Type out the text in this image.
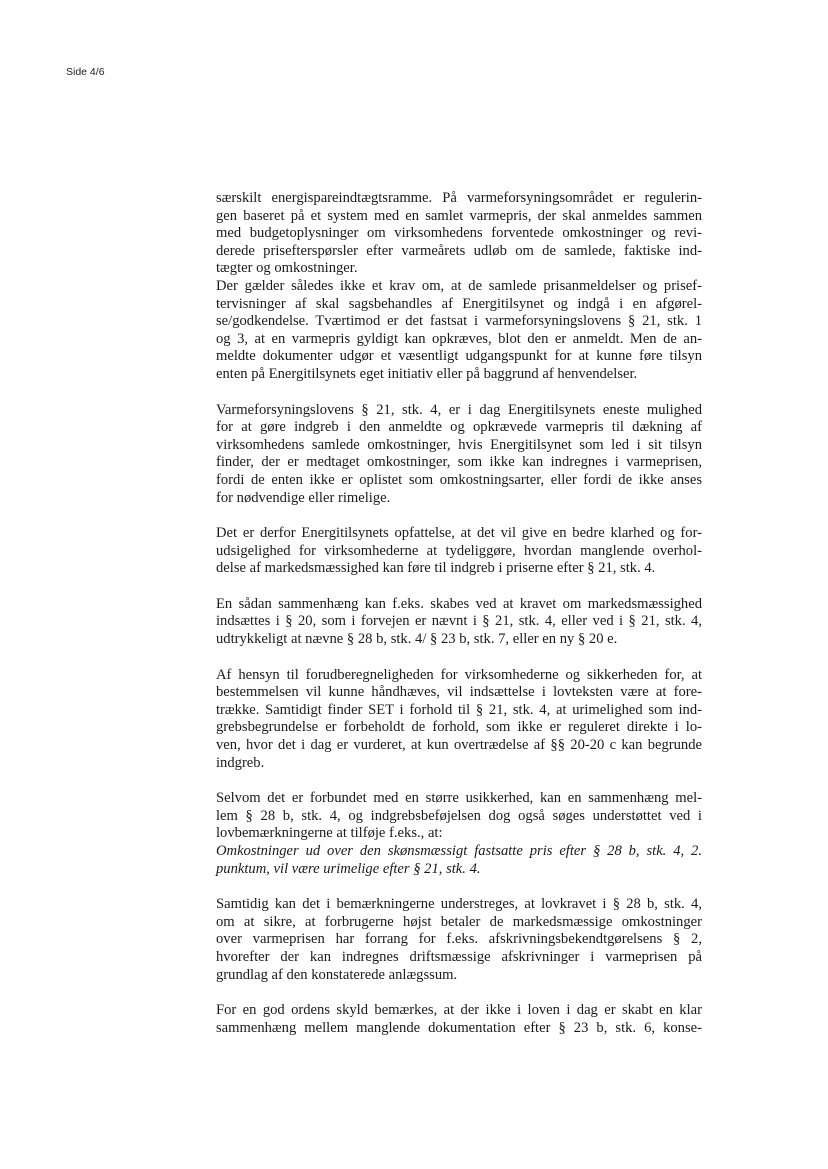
Side 4/6
særskilt energispareindtægtsramme. På varmeforsyningsområdet er regulerin-
gen baseret på et system med en samlet varmepris, der skal anmeldes sammen
med budgetoplysninger om virksomhedens forventede omkostninger og revi-
derede prisefterspørsler efter varmeårets udløb om de samlede, faktiske ind-
tægter og omkostninger.
Der gælder således ikke et krav om, at de samlede prisanmeldelser og prisef-
tervisninger af skal sagsbehandles af Energitilsynet og indgå i en afgørel-
se/godkendelse. Tværtimod er det fastsat i varmeforsyningslovens § 21, stk. 1
og 3, at en varmepris gyldigt kan opkræves, blot den er anmeldt. Men de an-
meldte dokumenter udgør et væsentligt udgangspunkt for at kunne føre tilsyn
enten på Energitilsynets eget initiativ eller på baggrund af henvendelser.
Varmeforsyningslovens § 21, stk. 4, er i dag Energitilsynets eneste mulighed
for at gøre indgreb i den anmeldte og opkrævede varmepris til dækning af
virksomhedens samlede omkostninger, hvis Energitilsynet som led i sit tilsyn
finder, der er medtaget omkostninger, som ikke kan indregnes i varmeprisen,
fordi de enten ikke er oplistet som omkostningsarter, eller fordi de ikke anses
for nødvendige eller rimelige.
Det er derfor Energitilsynets opfattelse, at det vil give en bedre klarhed og for-
udsigelighed for virksomhederne at tydeliggøre, hvordan manglende overhol-
delse af markedsmæssighed kan føre til indgreb i priserne efter § 21, stk. 4.
En sådan sammenhæng kan f.eks. skabes ved at kravet om markedsmæssighed
indsættes i § 20, som i forvejen er nævnt i § 21, stk. 4, eller ved i § 21, stk. 4,
udtrykkeligt at nævne § 28 b, stk. 4/ § 23 b, stk. 7, eller en ny § 20 e.
Af hensyn til forudberegneligheden for virksomhederne og sikkerheden for, at
bestemmelsen vil kunne håndhæves, vil indsættelse i lovteksten være at fore-
trække. Samtidigt finder SET i forhold til § 21, stk. 4, at urimelighed som ind-
grebsbegrundelse er forbeholdt de forhold, som ikke er reguleret direkte i lo-
ven, hvor det i dag er vurderet, at kun overtrædelse af §§ 20-20 c kan begrunde
indgreb.
Selvom det er forbundet med en større usikkerhed, kan en sammenhæng mel-
lem § 28 b, stk. 4, og indgrebsbeføjelsen dog også søges understøttet ved i
lovbemærkningerne at tilføje f.eks., at:
Omkostninger ud over den skønsmæssigt fastsatte pris efter § 28 b, stk. 4, 2.
punktum, vil være urimelige efter § 21, stk. 4.
Samtidig kan det i bemærkningerne understreges, at lovkravet i § 28 b, stk. 4,
om at sikre, at forbrugerne højst betaler de markedsmæssige omkostninger
over varmeprisen har forrang for f.eks. afskrivningsbekendtgørelsens § 2,
hvorefter der kan indregnes driftsmæssige afskrivninger i varmeprisen på
grundlag af den konstaterede anlægssum.
For en god ordens skyld bemærkes, at der ikke i loven i dag er skabt en klar
sammenhæng mellem manglende dokumentation efter § 23 b, stk. 6, konse-
